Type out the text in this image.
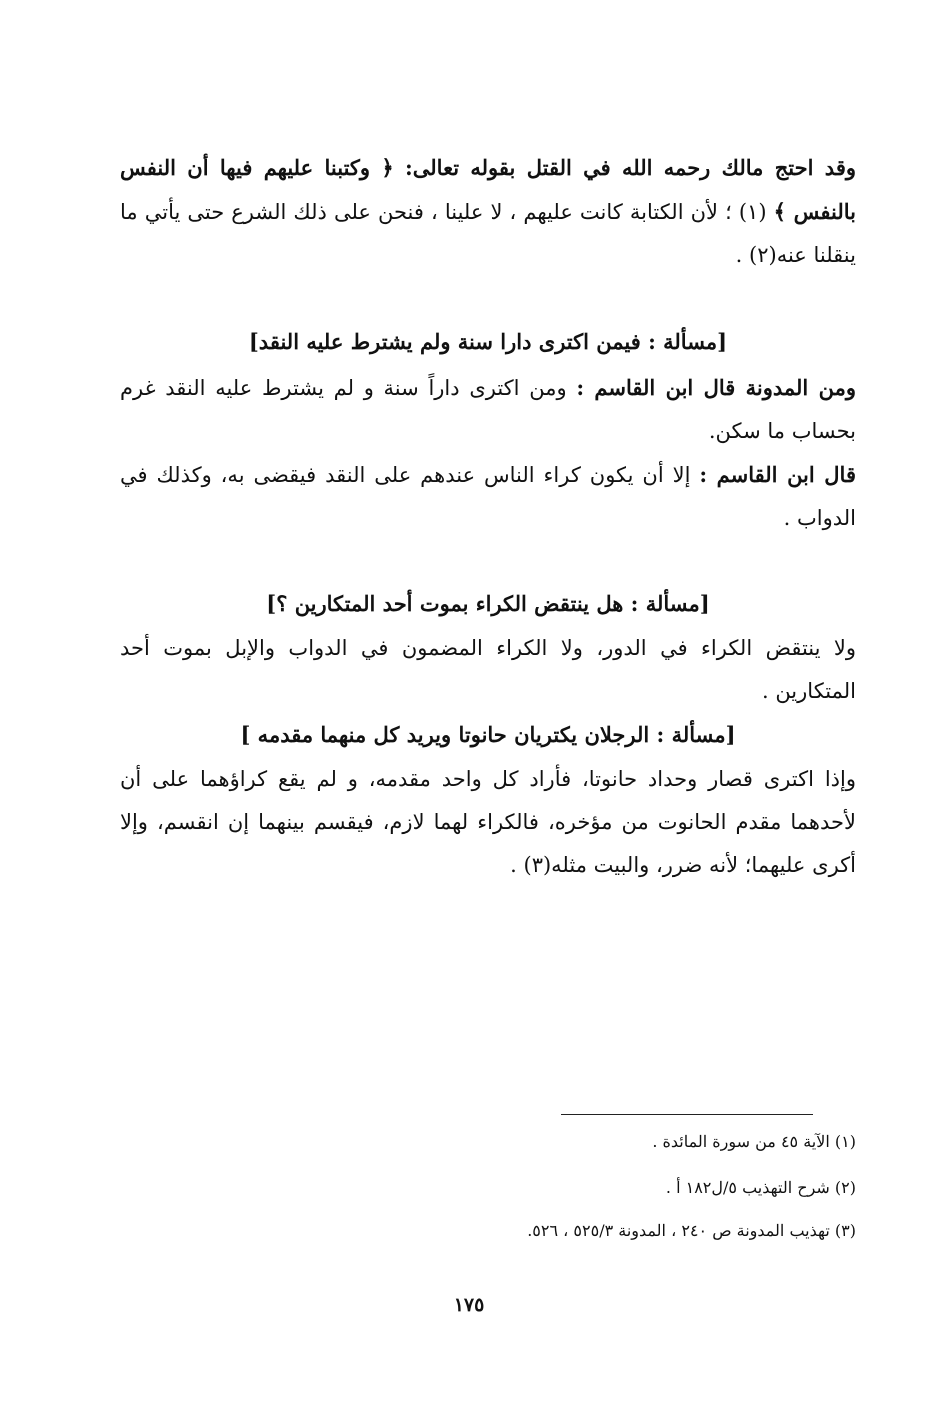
وقد احتج مالك رحمه الله في القتل بقوله تعالى: ﴿ وكتبنا عليهم فيها أن النفس بالنفس ﴾ (١) ؛ لأن الكتابة كانت عليهم ، لا علينا ، فنحن على ذلك الشرع حتى يأتي ما ينقلنا عنه(٢) .

[مسألة : فيمن اكترى دارا سنة ولم يشترط عليه النقد]

ومن المدونة قال ابن القاسم : ومن اكترى داراً سنة و لم يشترط عليه النقد غرم بحساب ما سكن.

قال ابن القاسم : إلا أن يكون كراء الناس عندهم على النقد فيقضى به، وكذلك في الدواب .

[مسألة : هل ينتقض الكراء بموت أحد المتكارين ؟]

ولا ينتقض الكراء في الدور، ولا الكراء المضمون في الدواب والإبل بموت أحد المتكارين .

[مسألة : الرجلان يكتريان حانوتا ويريد كل منهما مقدمه ]

وإذا اكترى قصار وحداد حانوتا، فأراد كل واحد مقدمه، و لم يقع كراؤهما على أن لأحدهما مقدم الحانوت من مؤخره، فالكراء لهما لازم، فيقسم بينهما إن انقسم، وإلا أكرى عليهما؛ لأنه ضرر، والبيت مثله(٣) .

(١) الآية ٤٥ من سورة المائدة .
(٢) شرح التهذيب ٥/ل١٨٢ أ .
(٣) تهذيب المدونة ص ٢٤٠ ، المدونة ٥٢٥/٣ ، ٥٢٦.
١٧٥
